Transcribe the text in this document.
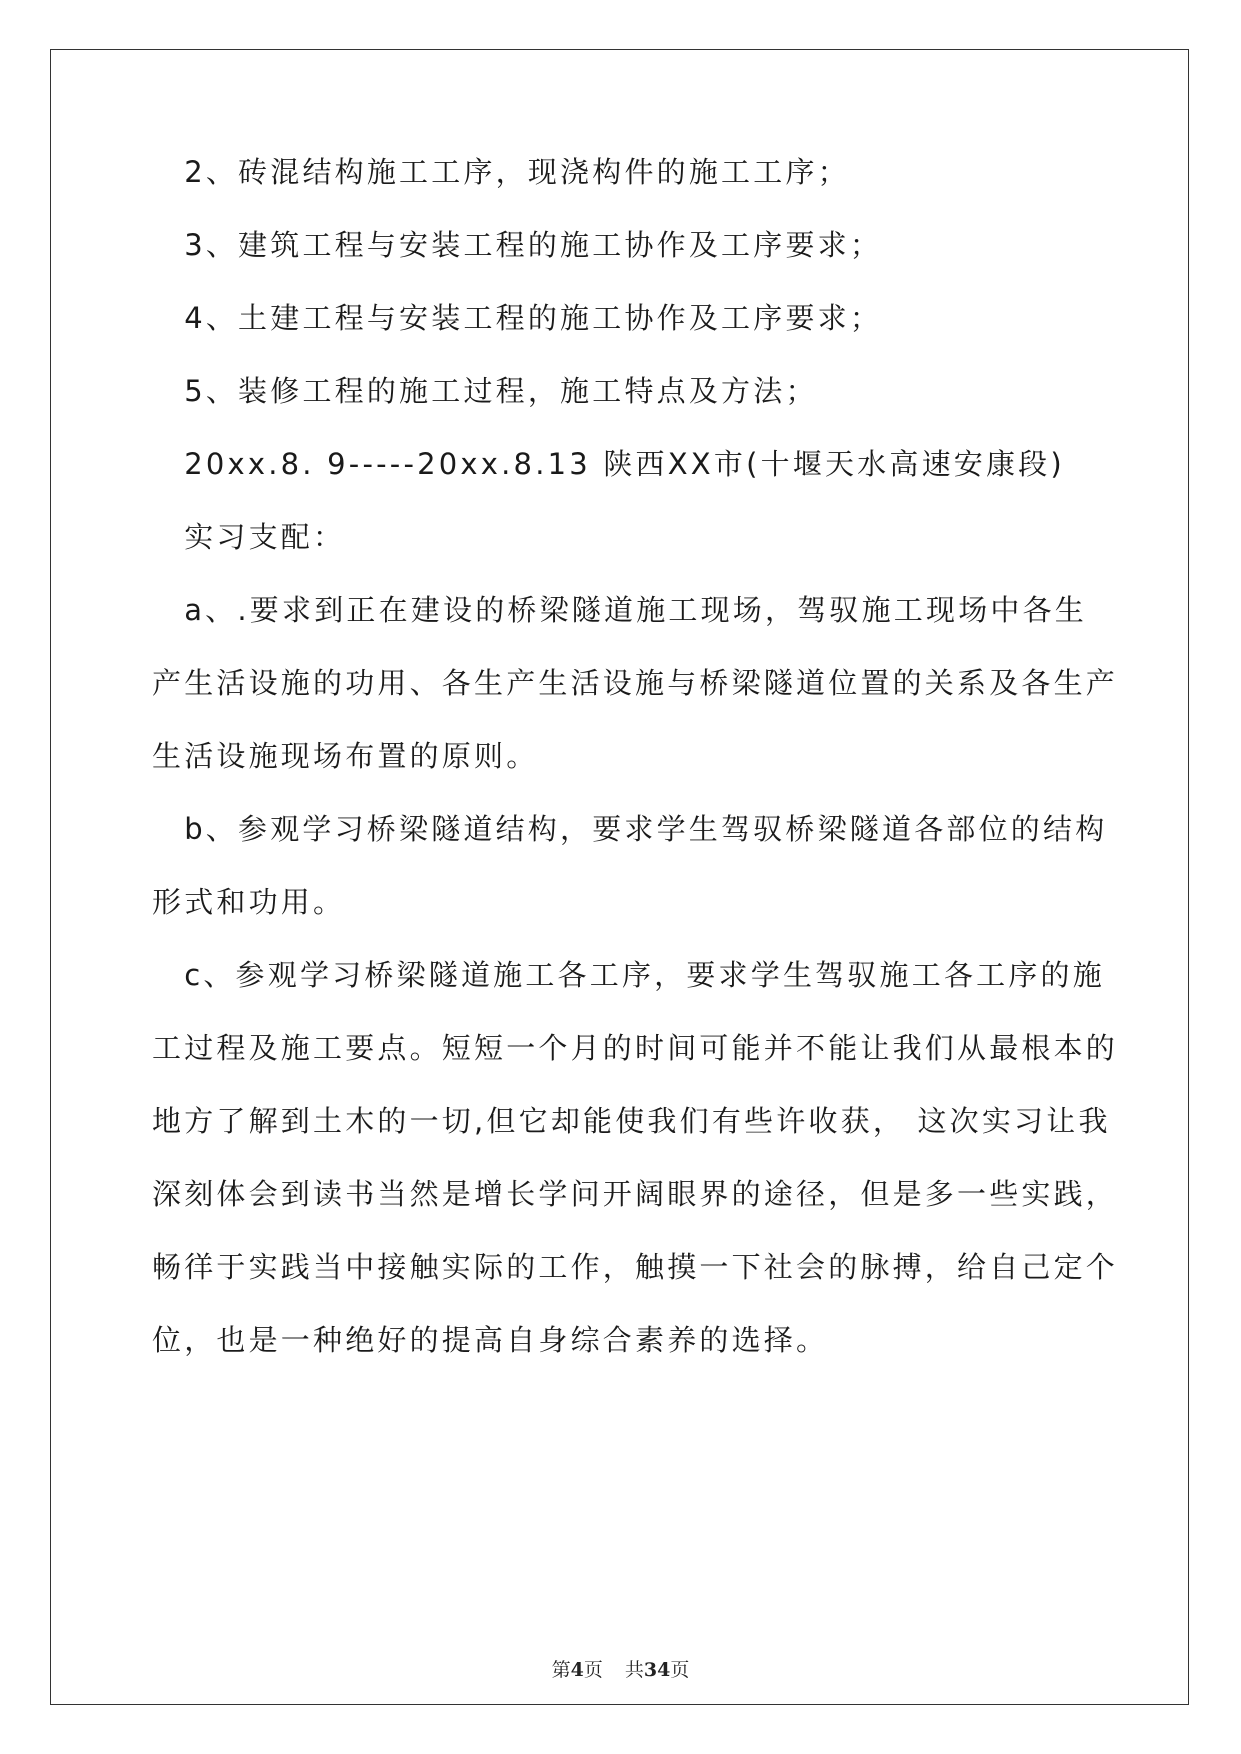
　2、砖混结构施工工序，现浇构件的施工工序；
　3、建筑工程与安装工程的施工协作及工序要求；
　4、土建工程与安装工程的施工协作及工序要求；
　5、装修工程的施工过程，施工特点及方法；
　20xx.8. 9-----20xx.8.13 陕西XX市(十堰天水高速安康段)
　实习支配：
　a、.要求到正在建设的桥梁隧道施工现场，驾驭施工现场中各生
产生活设施的功用、各生产生活设施与桥梁隧道位置的关系及各生产
生活设施现场布置的原则。
　b、参观学习桥梁隧道结构，要求学生驾驭桥梁隧道各部位的结构
形式和功用。
　c、参观学习桥梁隧道施工各工序，要求学生驾驭施工各工序的施
工过程及施工要点。短短一个月的时间可能并不能让我们从最根本的
地方了解到土木的一切,但它却能使我们有些许收获， 这次实习让我
深刻体会到读书当然是增长学问开阔眼界的途径，但是多一些实践，
畅徉于实践当中接触实际的工作，触摸一下社会的脉搏，给自己定个
位，也是一种绝好的提高自身综合素养的选择。
第4页 共34页
